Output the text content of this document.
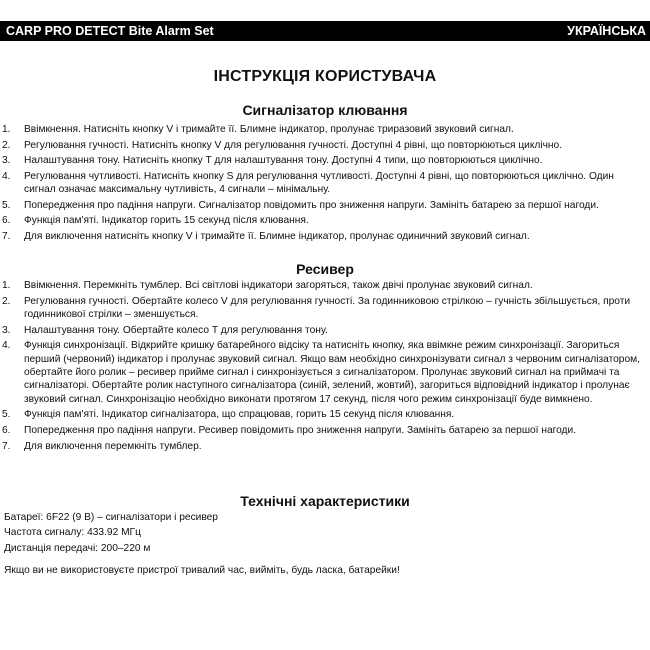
CARP PRO DETECT Bite Alarm Set	УКРАЇНСЬКА
ІНСТРУКЦІЯ КОРИСТУВАЧА
Сигналізатор клювання
1. Ввімкнення. Натисніть кнопку V і тримайте її. Блимне індикатор, пролунає триразовий звуковий сигнал.
2. Регулювання гучності. Натисніть кнопку V для регулювання гучності. Доступні 4 рівні, що повторюються циклічно.
3. Налаштування тону. Натисніть кнопку T для налаштування тону. Доступні 4 типи, що повторюються циклічно.
4. Регулювання чутливості. Натисніть кнопку S для регулювання чутливості. Доступні 4 рівні, що повторюються циклічно. Один сигнал означає максимальну чутливість, 4 сигнали – мінімальну.
5. Попередження про падіння напруги. Сигналізатор повідомить про зниження напруги. Замініть батарею за першої нагоди.
6. Функція пам'яті. Індикатор горить 15 секунд після клювання.
7. Для виключення натисніть кнопку V і тримайте її. Блимне індикатор, пролунає одиничний звуковий сигнал.
Ресивер
1. Ввімкнення. Перемкніть тумблер. Всі світлові індикатори загоряться, також двічі пролунає звуковий сигнал.
2. Регулювання гучності. Обертайте колесо V для регулювання гучності. За годинниковою стрілкою – гучність збільшується, проти годинникової стрілки – зменшується.
3. Налаштування тону. Обертайте колесо T для регулювання тону.
4. Функція синхронізації. Відкрийте кришку батарейного відсіку та натисніть кнопку, яка ввімкне режим синхронізації. Загориться перший (червоний) індикатор і пролунає звуковий сигнал. Якщо вам необхідно синхронізувати сигнал з червоним сигналізатором, обертайте його ролик – ресивер прийме сигнал і синхронізується з сигналізатором. Пролунає звуковий сигнал на приймачі та сигналізаторі. Обертайте ролик наступного сигналізатора (синій, зелений, жовтий), загориться відповідний індикатор і пролунає звуковий сигнал. Синхронізацію необхідно виконати протягом 17 секунд, після чого режим синхронізації буде вимкнено.
5. Функція пам'яті. Індикатор сигналізатора, що спрацював, горить 15 секунд після клювання.
6. Попередження про падіння напруги. Ресивер повідомить про зниження напруги. Замініть батарею за першої нагоди.
7. Для виключення перемкніть тумблер.
Технічні характеристики
Батареї: 6F22 (9 В) – сигналізатори і ресивер
Частота сигналу: 433.92 МГц
Дистанція передачі: 200–220 м
Якщо ви не використовуєте пристрої тривалий час, вийміть, будь ласка, батарейки!
